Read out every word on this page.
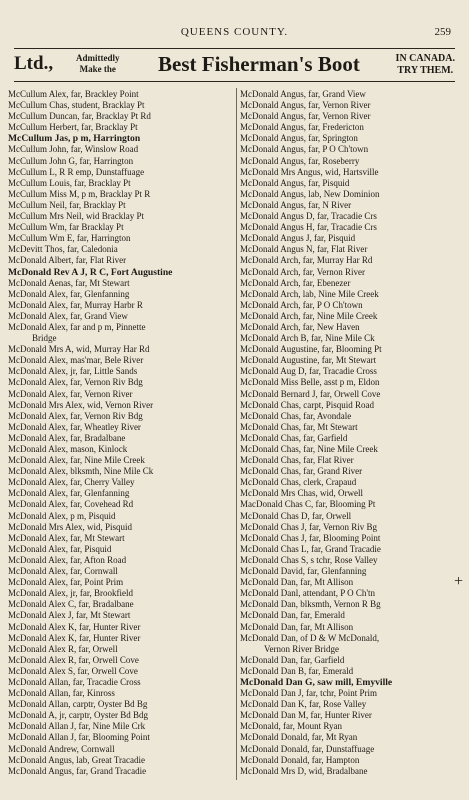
QUEENS COUNTY.	259
Ltd.,	Admittedly
Make the Best Fisherman's Boot	IN CANADA.
TRY THEM.
McCullum Alex, far, Brackley Point
McCullum Chas, student, Bracklay Pt
McCullum Duncan, far, Bracklay Pt Rd
McCullum Herbert, far, Bracklay Pt
McCullum Jas, p m, Harrington
McCullum John, far, Winslow Road
McCullum John G, far, Harrington
McCullum L, R R emp, Dunstaffuage
McCullum Louis, far, Bracklay Pt
McCullum Miss M, p m, Bracklay Pt R
McCullum Neil, far, Bracklay Pt
McCullum Mrs Neil, wid Bracklay Pt
McCullum Wm, far Bracklay Pt
McCullum Wm E, far, Harrington
McDevitt Thos, far, Caledonia
McDonald Albert, far, Flat River
McDonald Rev A J, R C, Fort Augustine
McDonald Aenas, far, Mt Stewart
McDonald Alex, far, Glenfanning
McDonald Alex, far, Murray Harbr R
McDonald Alex, far, Grand View
McDonald Alex, far and p m, Pinnette
Bridge
McDonald Mrs A, wid, Murray Har Rd
McDonald Alex, mas'mar, Bele River
McDonald Alex, jr, far, Little Sands
McDonald Alex, far, Vernon Riv Bdg
McDonald Alex, far, Vernon River
McDonald Mrs Alex, wid, Vernon River
McDonald Alex, far, Vernon Riv Bdg
McDonald Alex, far, Wheatley River
McDonald Alex, far, Bradalbane
McDonald Alex, mason, Kinlock
McDonald Alex, far, Nine Mile Creek
McDonald Alex, blksmth, Nine Mile Ck
McDonald Alex, far, Cherry Valley
McDonald Alex, far, Glenfanning
McDonald Alex, far, Covehead Rd
McDonald Alex, p m, Pisquid
McDonald Mrs Alex, wid, Pisquid
McDonald Alex, far, Mt Stewart
McDonald Alex, far, Pisquid
McDonald Alex, far, Afton Road
McDonald Alex, far, Cornwall
McDonald Alex, far, Point Prim
McDonald Alex, jr, far, Brookfield
McDonald Alex C, far, Bradalbane
McDonald Alex J, far, Mt Stewart
McDonald Alex K, far, Hunter River
McDonald Alex K, far, Hunter River
McDonald Alex R, far, Orwell
McDonald Alex R, far, Orwell Cove
McDonald Alex S, far, Orwell Cove
McDonald Allan, far, Tracadie Cross
McDonald Allan, far, Kinross
McDonald Allan, carptr, Oyster Bd Bg
McDonald A, jr, carptr, Oyster Bd Bdg
McDonald Allan J, far, Nine Mile Crk
McDonald Allan J, far, Blooming Point
McDonald Andrew, Cornwall
McDonald Angus, lab, Great Tracadie
McDonald Angus, far, Grand Tracadie
McDonald Angus, far, Grand View
McDonald Angus, far, Vernon River
McDonald Angus, far, Vernon River
McDonald Angus, far, Fredericton
McDonald Angus, far, Springton
McDonald Angus, far, P O Ch'town
McDonald Angus, far, Roseberry
McDonald Mrs Angus, wid, Hartsville
McDonald Angus, far, Pisquid
McDonald Angus, lab, New Dominion
McDonald Angus, far, N River
McDonald Angus D, far, Tracadie Crs
McDonald Angus H, far, Tracadie Crs
McDonald Angus J, far, Pisquid
McDonald Angus N, far, Flat River
McDonald Arch, far, Murray Har Rd
McDonald Arch, far, Vernon River
McDonald Arch, far, Ebenezer
McDonald Arch, lab, Nine Mile Creek
McDonald Arch, far, P O Ch'town
McDonald Arch, far, Nine Mile Creek
McDonald Arch, far, New Haven
McDonald Arch B, far, Nine Mile Ck
McDonald Augustine, far, Blooming Pt
McDonald Augustine, far, Mt Stewart
McDonald Aug D, far, Tracadie Cross
McDonald Miss Belle, asst p m, Eldon
McDonald Bernard J, far, Orwell Cove
McDonald Chas, carpt, Pisquid Road
McDonald Chas, far, Avondale
McDonald Chas, far, Mt Stewart
McDonald Chas, far, Garfield
McDonald Chas, far, Nine Mile Creek
McDonald Chas, far, Flat River
McDonald Chas, far, Grand River
McDonald Chas, clerk, Crapaud
McDonald Mrs Chas, wid, Orwell
MacDonald Chas C, far, Blooming Pt
McDonald Chas D, far, Orwell
McDonald Chas J, far, Vernon Riv Bg
McDonald Chas J, far, Blooming Point
McDonald Chas L, far, Grand Tracadie
McDonald Chas S, s tchr, Rose Valley
McDonald David, far, Glenfanning
McDonald Dan, far, Mt Allison
McDonald Danl, attendant, P O Ch'tn
McDonald Dan, blksmth, Vernon R Bg
McDonald Dan, far, Emerald
McDonald Dan, far, Mt Allison
McDonald Dan, of D & W McDonald,
Vernon River Bridge
McDonald Dan, far, Garfield
McDonald Dan B, far, Emerald
McDonald Dan G, saw mill, Emyville
McDonald Dan J, far, tchr, Point Prim
McDonald Dan K, far, Rose Valley
McDonald Dan M, far, Hunter River
McDonald, far, Mount Ryan
McDonald Donald, far, Mt Ryan
McDonald Donald, far, Dunstaffuage
McDonald Donald, far, Hampton
McDonald Mrs D, wid, Bradalbane
+
